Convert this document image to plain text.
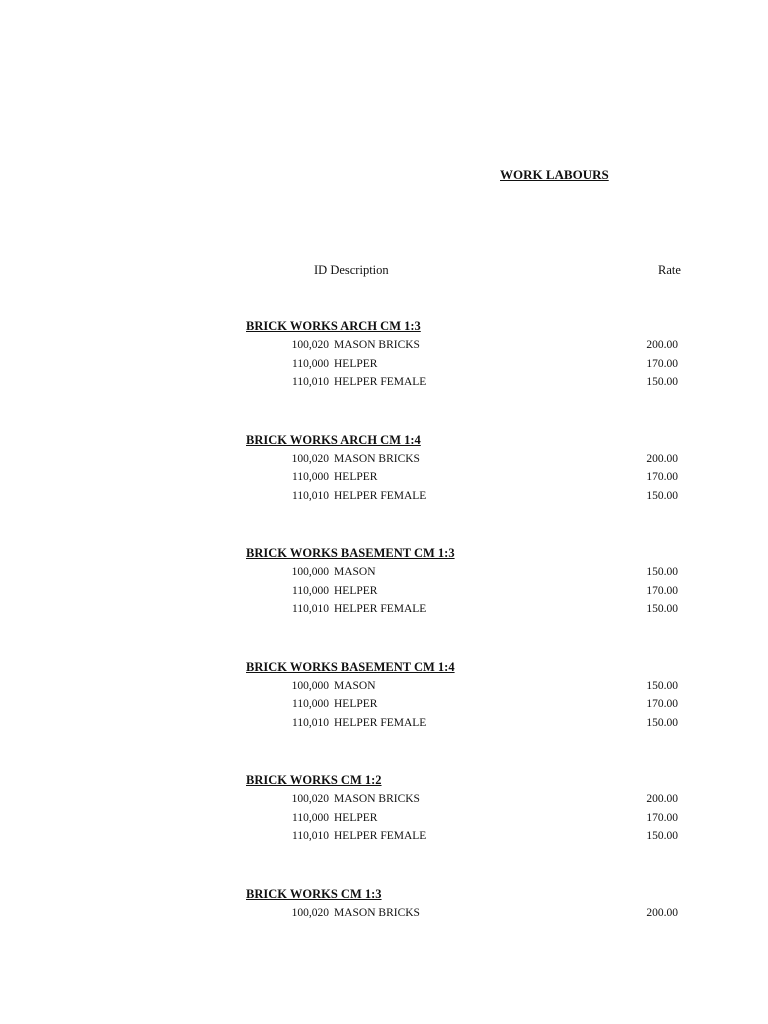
WORK LABOURS
ID Description	Rate
BRICK WORKS ARCH CM 1:3
100,020 MASON BRICKS	200.00
110,000 HELPER	170.00
110,010 HELPER FEMALE	150.00
BRICK WORKS ARCH CM 1:4
100,020 MASON BRICKS	200.00
110,000 HELPER	170.00
110,010 HELPER FEMALE	150.00
BRICK WORKS BASEMENT CM 1:3
100,000 MASON	150.00
110,000 HELPER	170.00
110,010 HELPER FEMALE	150.00
BRICK WORKS BASEMENT CM 1:4
100,000 MASON	150.00
110,000 HELPER	170.00
110,010 HELPER FEMALE	150.00
BRICK WORKS CM 1:2
100,020 MASON BRICKS	200.00
110,000 HELPER	170.00
110,010 HELPER FEMALE	150.00
BRICK WORKS CM 1:3
100,020 MASON BRICKS	200.00
